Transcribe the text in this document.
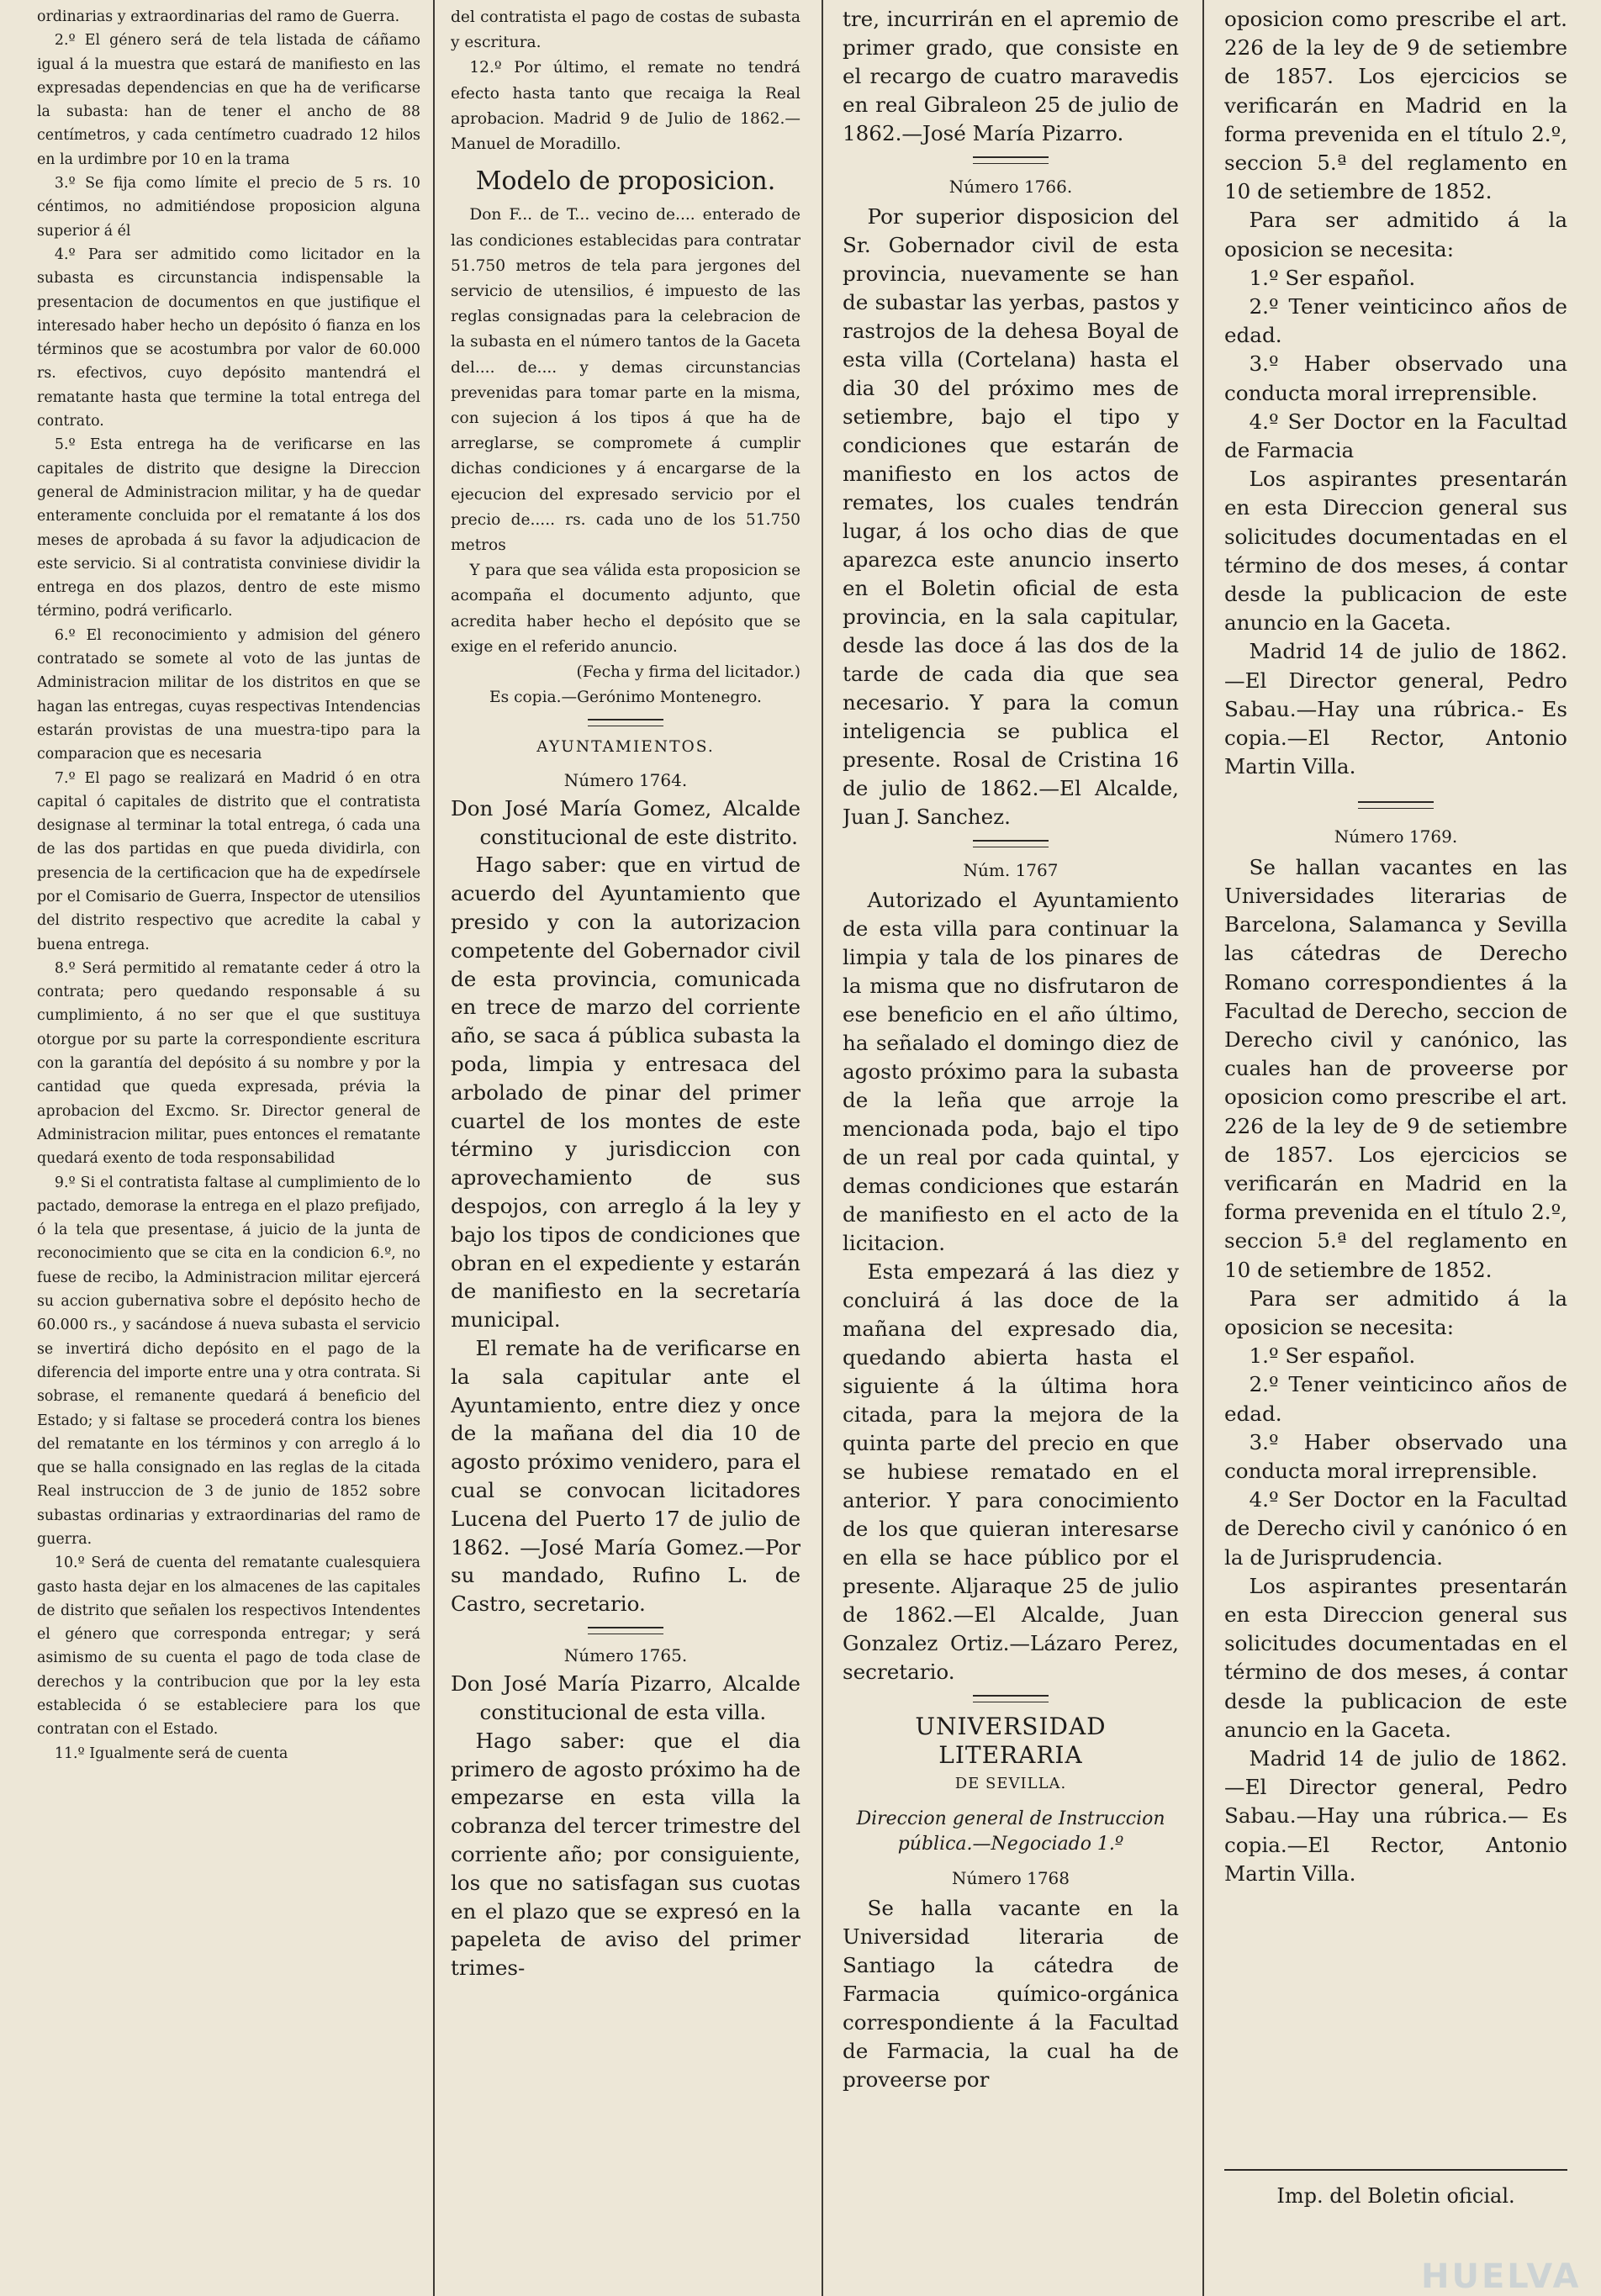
ordinarias y extraordinarias del ramo de Guerra.

2.º El género será de tela listada de cáñamo igual á la muestra que estará de manifiesto en las expresadas dependencias en que ha de verificarse la subasta: han de tener el ancho de 88 centímetros, y cada centímetro cuadrado 12 hilos en la urdimbre por 10 en la trama

3.º Se fija como límite el precio de 5 rs. 10 céntimos, no admitiéndose proposicion alguna superior á él

4.º Para ser admitido como licitador en la subasta es circunstancia indispensable la presentacion de documentos en que justifique el interesado haber hecho un depósito ó fianza en los términos que se acostumbra por valor de 60.000 rs. efectivos, cuyo depósito mantendrá el rematante hasta que termine la total entrega del contrato.

5.º Esta entrega ha de verificarse en las capitales de distrito que designe la Direccion general de Administracion militar, y ha de quedar enteramente concluida por el rematante á los dos meses de aprobada á su favor la adjudicacion de este servicio. Si al contratista conviniese dividir la entrega en dos plazos, dentro de este mismo término, podrá verificarlo.

6.º El reconocimiento y admision del género contratado se somete al voto de las juntas de Administracion militar de los distritos en que se hagan las entregas, cuyas respectivas Intendencias estarán provistas de una muestra-tipo para la comparacion que es necesaria

7.º El pago se realizará en Madrid ó en otra capital ó capitales de distrito que el contratista designase al terminar la total entrega, ó cada una de las dos partidas en que pueda dividirla, con presencia de la certificacion que ha de expedírsele por el Comisario de Guerra, Inspector de utensilios del distrito respectivo que acredite la cabal y buena entrega.

8.º Será permitido al rematante ceder á otro la contrata; pero quedando responsable á su cumplimiento, á no ser que el que sustituya otorgue por su parte la correspondiente escritura con la garantía del depósito á su nombre y por la cantidad que queda expresada, prévia la aprobacion del Excmo. Sr. Director general de Administracion militar, pues entonces el rematante quedará exento de toda responsabilidad

9.º Si el contratista faltase al cumplimiento de lo pactado, demorase la entrega en el plazo prefijado, ó la tela que presentase, á juicio de la junta de reconocimiento que se cita en la condicion 6.º, no fuese de recibo, la Administracion militar ejercerá su accion gubernativa sobre el depósito hecho de 60.000 rs., y sacándose á nueva subasta el servicio se invertirá dicho depósito en el pago de la diferencia del importe entre una y otra contrata. Si sobrase, el remanente quedará á beneficio del Estado; y si faltase se procederá contra los bienes del rematante en los términos y con arreglo á lo que se halla consignado en las reglas de la citada Real instruccion de 3 de junio de 1852 sobre subastas ordinarias y extraordinarias del ramo de guerra.

10.º Será de cuenta del rematante cualesquiera gasto hasta dejar en los almacenes de las capitales de distrito que señalen los respectivos Intendentes el género que corresponda entregar; y será asimismo de su cuenta el pago de toda clase de derechos y la contribucion que por la ley esta establecida ó se estableciere para los que contratan con el Estado.

11.º Igualmente será de cuenta

del contratista el pago de costas de subasta y escritura.

12.º Por último, el remate no tendrá efecto hasta tanto que recaiga la Real aprobacion. Madrid 9 de Julio de 1862.—Manuel de Moradillo.

Modelo de proposicion.

Don F... de T... vecino de.... enterado de las condiciones establecidas para contratar 51.750 metros de tela para jergones del servicio de utensilios, é impuesto de las reglas consignadas para la celebracion de la subasta en el número tantos de la Gaceta del.... de.... y demas circunstancias prevenidas para tomar parte en la misma, con sujecion á los tipos á que ha de arreglarse, se compromete á cumplir dichas condiciones y á encargarse de la ejecucion del expresado servicio por el precio de..... rs. cada uno de los 51.750 metros

Y para que sea válida esta proposicion se acompaña el documento adjunto, que acredita haber hecho el depósito que se exige en el referido anuncio.

(Fecha y firma del licitador.)

Es copia.—Gerónimo Montenegro.

AYUNTAMIENTOS.
Número 1764.

Don José María Gomez, Alcalde constitucional de este distrito.

Hago saber: que en virtud de acuerdo del Ayuntamiento que presido y con la autorizacion competente del Gobernador civil de esta provincia, comunicada en trece de marzo del corriente año, se saca á pública subasta la poda, limpia y entresaca del arbolado de pinar del primer cuartel de los montes de este término y jurisdiccion con aprovechamiento de sus despojos, con arreglo á la ley y bajo los tipos de condiciones que obran en el expediente y estarán de manifiesto en la secretaría municipal.

El remate ha de verificarse en la sala capitular ante el Ayuntamiento, entre diez y once de la mañana del dia 10 de agosto próximo venidero, para el cual se convocan licitadores Lucena del Puerto 17 de julio de 1862. —José María Gomez.—Por su mandado, Rufino L. de Castro, secretario.

Número 1765.

Don José María Pizarro, Alcalde constitucional de esta villa.

Hago saber: que el dia primero de agosto próximo ha de empezarse en esta villa la cobranza del tercer trimestre del corriente año; por consiguiente, los que no satisfagan sus cuotas en el plazo que se expresó en la papeleta de aviso del primer trimes-

tre, incurrirán en el apremio de primer grado, que consiste en el recargo de cuatro maravedis en real Gibraleon 25 de julio de 1862.—José María Pizarro.

Número 1766.

Por superior disposicion del Sr. Gobernador civil de esta provincia, nuevamente se han de subastar las yerbas, pastos y rastrojos de la dehesa Boyal de esta villa (Cortelana) hasta el dia 30 del próximo mes de setiembre, bajo el tipo y condiciones que estarán de manifiesto en los actos de remates, los cuales tendrán lugar, á los ocho dias de que aparezca este anuncio inserto en el Boletin oficial de esta provincia, en la sala capitular, desde las doce á las dos de la tarde de cada dia que sea necesario. Y para la comun inteligencia se publica el presente. Rosal de Cristina 16 de julio de 1862.—El Alcalde, Juan J. Sanchez.

Núm. 1767

Autorizado el Ayuntamiento de esta villa para continuar la limpia y tala de los pinares de la misma que no disfrutaron de ese beneficio en el año último, ha señalado el domingo diez de agosto próximo para la subasta de la leña que arroje la mencionada poda, bajo el tipo de un real por cada quintal, y demas condiciones que estarán de manifiesto en el acto de la licitacion.

Esta empezará á las diez y concluirá á las doce de la mañana del expresado dia, quedando abierta hasta el siguiente á la última hora citada, para la mejora de la quinta parte del precio en que se hubiese rematado en el anterior. Y para conocimiento de los que quieran interesarse en ella se hace público por el presente. Aljaraque 25 de julio de 1862.—El Alcalde, Juan Gonzalez Ortiz.—Lázaro Perez, secretario.

UNIVERSIDAD LITERARIA
DE SEVILLA.
Direccion general de Instruccion pública.—Negociado 1.º
Número 1768

Se halla vacante en la Universidad literaria de Santiago la cátedra de Farmacia químico-orgánica correspondiente á la Facultad de Farmacia, la cual ha de proveerse por

oposicion como prescribe el art. 226 de la ley de 9 de setiembre de 1857. Los ejercicios se verificarán en Madrid en la forma prevenida en el título 2.º, seccion 5.ª del reglamento en 10 de setiembre de 1852.

Para ser admitido á la oposicion se necesita:

1.º Ser español.

2.º Tener veinticinco años de edad.

3.º Haber observado una conducta moral irreprensible.

4.º Ser Doctor en la Facultad de Farmacia

Los aspirantes presentarán en esta Direccion general sus solicitudes documentadas en el término de dos meses, á contar desde la publicacion de este anuncio en la Gaceta.

Madrid 14 de julio de 1862. —El Director general, Pedro Sabau.—Hay una rúbrica.- Es copia.—El Rector, Antonio Martin Villa.

Número 1769.

Se hallan vacantes en las Universidades literarias de Barcelona, Salamanca y Sevilla las cátedras de Derecho Romano correspondientes á la Facultad de Derecho, seccion de Derecho civil y canónico, las cuales han de proveerse por oposicion como prescribe el art. 226 de la ley de 9 de setiembre de 1857. Los ejercicios se verificarán en Madrid en la forma prevenida en el título 2.º, seccion 5.ª del reglamento en 10 de setiembre de 1852.

Para ser admitido á la oposicion se necesita:

1.º Ser español.

2.º Tener veinticinco años de edad.

3.º Haber observado una conducta moral irreprensible.

4.º Ser Doctor en la Facultad de Derecho civil y canónico ó en la de Jurisprudencia.

Los aspirantes presentarán en esta Direccion general sus solicitudes documentadas en el término de dos meses, á contar desde la publicacion de este anuncio en la Gaceta.

Madrid 14 de julio de 1862. —El Director general, Pedro Sabau.—Hay una rúbrica.— Es copia.—El Rector, Antonio Martin Villa.

Imp. del Boletin oficial.
HUELVA
